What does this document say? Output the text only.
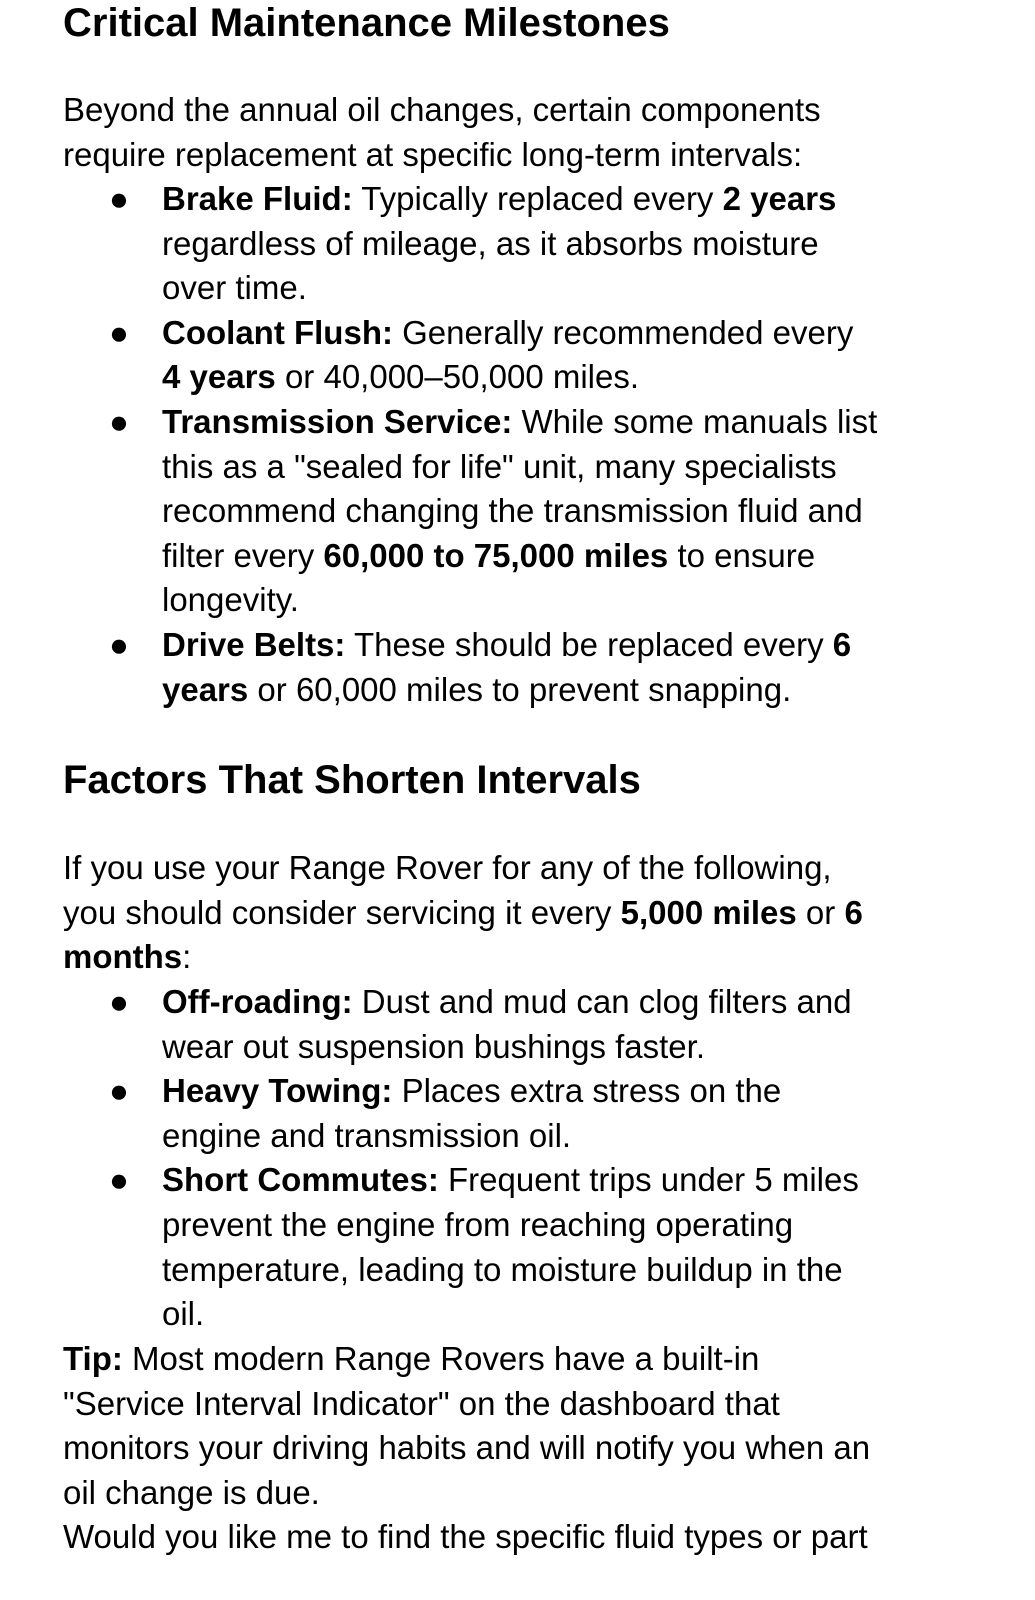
Critical Maintenance Milestones

Beyond the annual oil changes, certain components
require replacement at specific long-term intervals:

● Brake Fluid: Typically replaced every 2 years
regardless of mileage, as it absorbs moisture
over time.
● Coolant Flush: Generally recommended every
4 years or 40,000–50,000 miles.
● Transmission Service: While some manuals list
this as a "sealed for life" unit, many specialists
recommend changing the transmission fluid and
filter every 60,000 to 75,000 miles to ensure
longevity.
● Drive Belts: These should be replaced every 6
years or 60,000 miles to prevent snapping.
Factors That Shorten Intervals

If you use your Range Rover for any of the following,
you should consider servicing it every 5,000 miles or 6
months:

● Off-roading: Dust and mud can clog filters and
wear out suspension bushings faster.
● Heavy Towing: Places extra stress on the
engine and transmission oil.
● Short Commutes: Frequent trips under 5 miles
prevent the engine from reaching operating
temperature, leading to moisture buildup in the
oil.

Tip: Most modern Range Rovers have a built-in
"Service Interval Indicator" on the dashboard that
monitors your driving habits and will notify you when an
oil change is due.

Would you like me to find the specific fluid types or part
